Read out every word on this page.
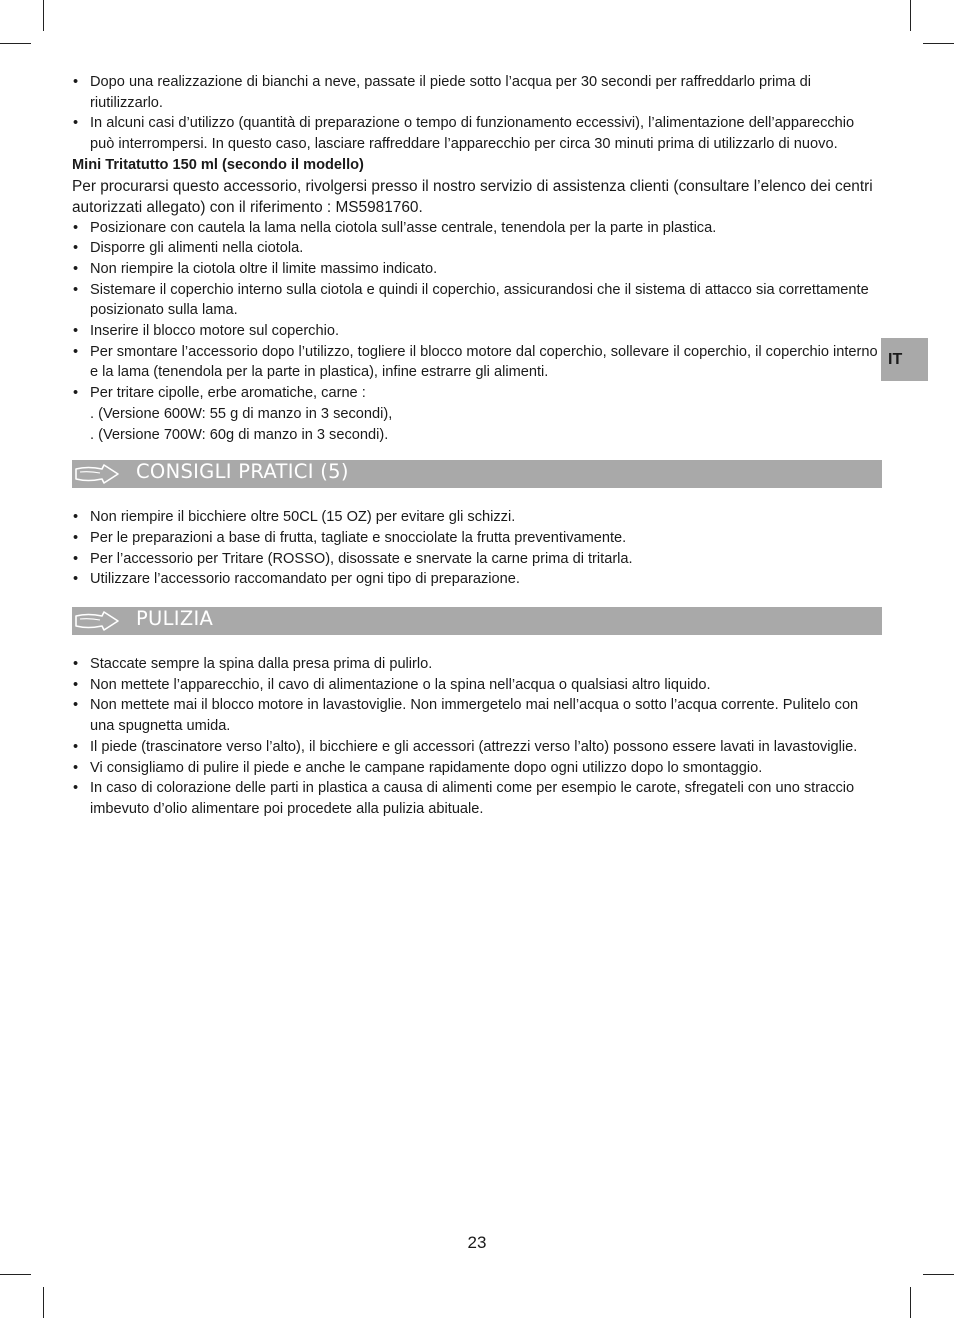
IT
• Dopo una realizzazione di bianchi a neve, passate il piede sotto l’acqua per 30 secondi per raffreddarlo prima di riutilizzarlo.
• In alcuni casi d’utilizzo (quantità di preparazione o tempo di funzionamento eccessivi), l’alimentazione dell’apparecchio può interrompersi. In questo caso, lasciare raffreddare l’apparecchio per circa 30 minuti prima di utilizzarlo di nuovo.

Mini Tritatutto 150 ml (secondo il modello)

Per procurarsi questo accessorio, rivolgersi presso il nostro servizio di assistenza clienti (consultare l’elenco dei centri autorizzati allegato) con il riferimento : MS5981760.

• Posizionare con cautela la lama nella ciotola sull’asse centrale, tenendola per la parte in plastica.
• Disporre gli alimenti nella ciotola.
• Non riempire la ciotola oltre il limite massimo indicato.
• Sistemare il coperchio interno sulla ciotola e quindi il coperchio, assicurandosi che il sistema di attacco sia correttamente posizionato sulla lama.
• Inserire il blocco motore sul coperchio.
• Per smontare l’accessorio dopo l’utilizzo, togliere il blocco motore dal coperchio, sollevare il coperchio, il coperchio interno e la lama (tenendola per la parte in plastica), infine estrarre gli alimenti.
• Per tritare cipolle, erbe aromatiche, carne :
. (Versione 600W: 55 g di manzo in 3 secondi),
. (Versione 700W: 60g di manzo in 3 secondi).
CONSIGLI PRATICI (5)
• Non riempire il bicchiere oltre 50CL (15 OZ) per evitare gli schizzi.
• Per le preparazioni a base di frutta, tagliate e snocciolate la frutta preventivamente.
• Per l’accessorio per Tritare (ROSSO), disossate e snervate la carne prima di tritarla.
• Utilizzare l’accessorio raccomandato per ogni tipo di preparazione.
PULIZIA
• Staccate sempre la spina dalla presa prima di pulirlo.
• Non mettete l’apparecchio, il cavo di alimentazione o la spina nell’acqua o qualsiasi altro liquido.
• Non mettete mai il blocco motore in lavastoviglie. Non immergetelo mai nell’acqua o sotto l’acqua corrente. Pulitelo con una spugnetta umida.
• Il piede (trascinatore verso l’alto), il bicchiere e gli accessori (attrezzi verso l’alto) possono essere lavati in lavastoviglie.
• Vi consigliamo di pulire il piede e anche le campane rapidamente dopo ogni utilizzo dopo lo smontaggio.
• In caso di colorazione delle parti in plastica a causa di alimenti come per esempio le carote, sfregateli con uno straccio imbevuto d’olio alimentare poi procedete alla pulizia abituale.
23
